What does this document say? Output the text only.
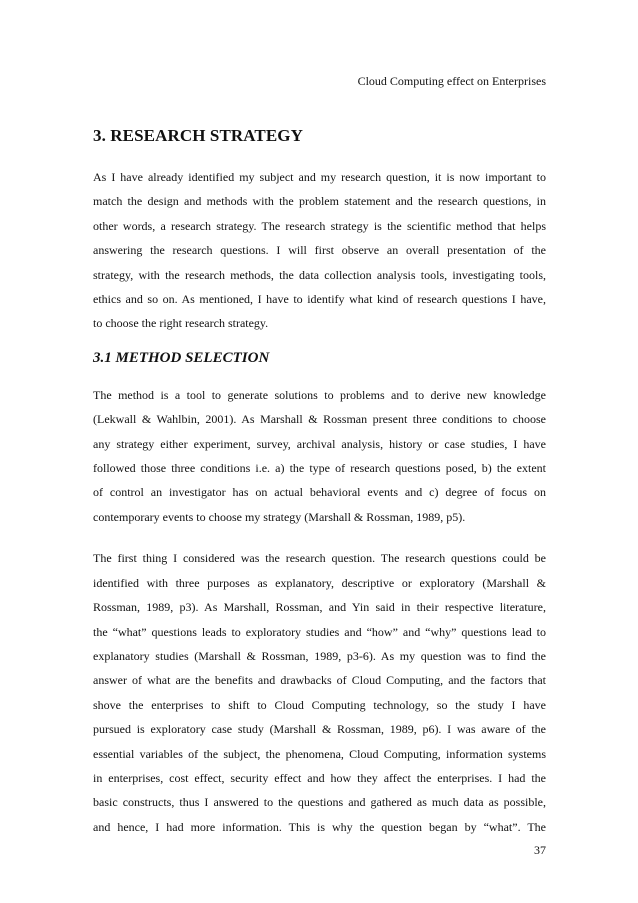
Cloud Computing effect on Enterprises
3. RESEARCH STRATEGY

As I have already identified my subject and my research question, it is now important to
match the design and methods with the problem statement and the research questions, in
other words, a research strategy. The research strategy is the scientific method that helps
answering the research questions. I will first observe an overall presentation of the
strategy, with the research methods, the data collection analysis tools, investigating tools,
ethics and so on. As mentioned, I have to identify what kind of research questions I have,
to choose the right research strategy.

3.1 METHOD SELECTION

The method is a tool to generate solutions to problems and to derive new knowledge
(Lekwall & Wahlbin, 2001). As Marshall & Rossman present three conditions to choose
any strategy either experiment, survey, archival analysis, history or case studies, I have
followed those three conditions i.e. a) the type of research questions posed, b) the extent
of control an investigator has on actual behavioral events and c) degree of focus on
contemporary events to choose my strategy (Marshall & Rossman, 1989, p5).

The first thing I considered was the research question. The research questions could be
identified with three purposes as explanatory, descriptive or exploratory (Marshall &
Rossman, 1989, p3). As Marshall, Rossman, and Yin said in their respective literature,
the “what” questions leads to exploratory studies and “how” and “why” questions lead to
explanatory studies (Marshall & Rossman, 1989, p3-6). As my question was to find the
answer of what are the benefits and drawbacks of Cloud Computing, and the factors that
shove the enterprises to shift to Cloud Computing technology, so the study I have
pursued is exploratory case study (Marshall & Rossman, 1989, p6). I was aware of the
essential variables of the subject, the phenomena, Cloud Computing, information systems
in enterprises, cost effect, security effect and how they affect the enterprises. I had the
basic constructs, thus I answered to the questions and gathered as much data as possible,
and hence, I had more information. This is why the question began by “what”. The

37
